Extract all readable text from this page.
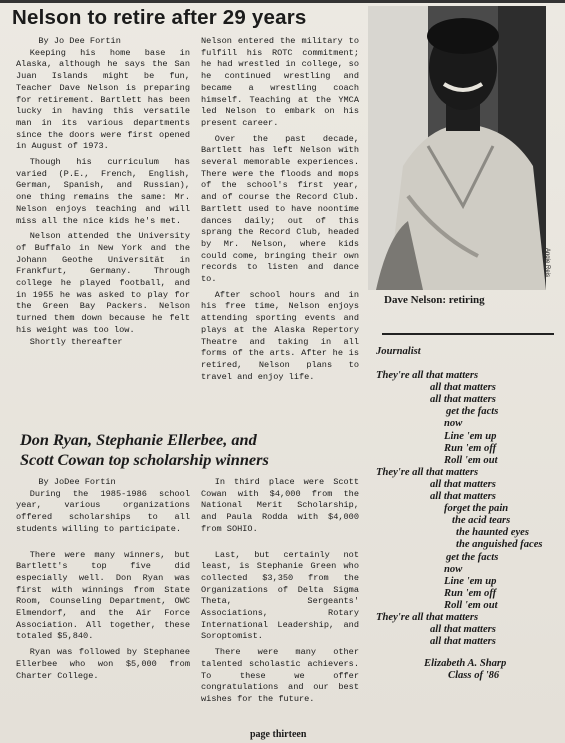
Nelson to retire after 29 years

By Jo Dee Fortin

Keeping his home base in Alaska, although he says the San Juan Islands might be fun, Teacher Dave Nelson is preparing for retirement. Bartlett has been lucky in having this versatile man in its various departments since the doors were first opened in August of 1973.

Though his curriculum has varied (P.E., French, English, German, Spanish, and Russian), one thing remains the same: Mr. Nelson enjoys teaching and will miss all the nice kids he's met.

Nelson attended the University of Buffalo in New York and the Johann Geothe Universität in Frankfurt, Germany. Through college he played football, and in 1955 he was asked to play for the Green Bay Packers. Nelson turned them down because he felt his weight was too low.

Shortly thereafter

Nelson entered the military to fulfill his ROTC commitment; he had wrestled in college, so he continued wrestling and became a wrestling coach himself. Teaching at the YMCA led Nelson to embark on his present career.

Over the past decade, Bartlett has left Nelson with several memorable experiences. There were the floods and mops of the school's first year, and of course the Record Club. Bartlett used to have noontime dances daily; out of this sprang the Record Club, headed by Mr. Nelson, where kids could come, bringing their own records to listen and dance to.

After school hours and in his free time, Nelson enjoys attending sporting events and plays at the Alaska Repertory Theatre and taking in all forms of the arts. After he is retired, Nelson plans to travel and enjoy life.

Angie Reis
Dave Nelson: retiring
Journalist
They're all that matters
all that matters
all that matters
get the facts
now
Line 'em up
Run 'em off
Roll 'em out
They're all that matters
all that matters
all that matters
forget the pain
the acid tears
the haunted eyes
the anguished faces
get the facts
now
Line 'em up
Run 'em off
Roll 'em out
They're all that matters
all that matters
all that matters
Elizabeth A. Sharp
Class of '86
Don Ryan, Stephanie Ellerbee, and
Scott Cowan top scholarship winners

By JoDee Fortin

During the 1985-1986 school year, various organizations offered scholarships to all students willing to participate.

There were many winners, but Bartlett's top five did especially well. Don Ryan was first with winnings from State Room, Counseling Department, OWC Elmendorf, and the Air Force Association. All together, these totaled $5,840.

Ryan was followed by Stephanee Ellerbee who won $5,000 from Charter College.

In third place were Scott Cowan with $4,000 from the National Merit Scholarship, and Paula Rodda with $4,000 from SOHIO.

Last, but certainly not least, is Stephanie Green who collected $3,350 from the Organizations of Delta Sigma Theta, Sergeants' Associations, Rotary International Leadership, and Soroptomist.

There were many other talented scholastic achievers. To these we offer congratulations and our best wishes for the future.

page thirteen
